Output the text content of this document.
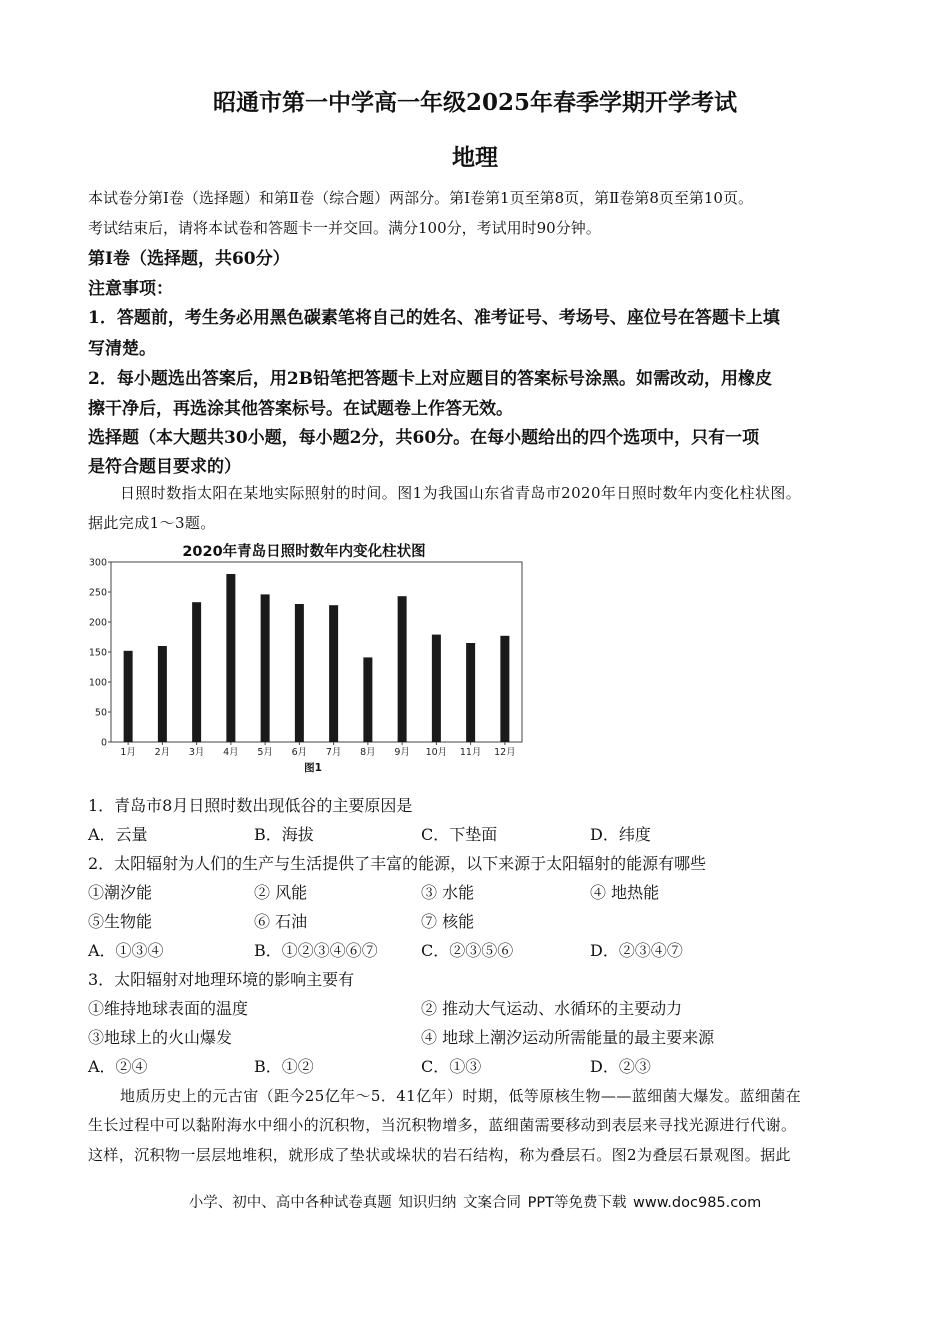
昭通市第一中学高一年级2025年春季学期开学考试
地理
本试卷分第Ⅰ卷（选择题）和第Ⅱ卷（综合题）两部分。第Ⅰ卷第1页至第8页，第Ⅱ卷第8页至第10页。
考试结束后，请将本试卷和答题卡一并交回。满分100分，考试用时90分钟。
第Ⅰ卷（选择题，共60分）
注意事项：
1．答题前，考生务必用黑色碳素笔将自己的姓名、准考证号、考场号、座位号在答题卡上填
写清楚。
2．每小题选出答案后，用2B铅笔把答题卡上对应题目的答案标号涂黑。如需改动，用橡皮
擦干净后，再选涂其他答案标号。在试题卷上作答无效。
选择题（本大题共30小题，每小题2分，共60分。在每小题给出的四个选项中，只有一项
是符合题目要求的）
日照时数指太阳在某地实际照射的时间。图1为我国山东省青岛市2020年日照时数年内变化柱状图。
据此完成1～3题。
2020年青岛日照时数年内变化柱状图
0
50
100
150
200
250
300
1月 2月 3月 4月 5月 6月 7月 8月 9月 10月 11月 12月
图1
1．青岛市8月日照时数出现低谷的主要原因是
A．云量	B．海拔	C．下垫面	D．纬度
2．太阳辐射为人们的生产与生活提供了丰富的能源，以下来源于太阳辐射的能源有哪些
①潮汐能	② 风能	③ 水能	④ 地热能
⑤生物能	⑥ 石油	⑦ 核能
A．①③④	B．①②③④⑥⑦	C．②③⑤⑥	D．②③④⑦
3．太阳辐射对地理环境的影响主要有
①维持地球表面的温度	② 推动大气运动、水循环的主要动力
③地球上的火山爆发	④ 地球上潮汐运动所需能量的最主要来源
A．②④	B．①②	C．①③	D．②③
地质历史上的元古宙（距今25亿年～5．41亿年）时期，低等原核生物——蓝细菌大爆发。蓝细菌在
生长过程中可以黏附海水中细小的沉积物，当沉积物增多，蓝细菌需要移动到表层来寻找光源进行代谢。
这样，沉积物一层层地堆积，就形成了垫状或垛状的岩石结构，称为叠层石。图2为叠层石景观图。据此
小学、初中、高中各种试卷真题 知识归纳 文案合同 PPT等免费下载 www.doc985.com
